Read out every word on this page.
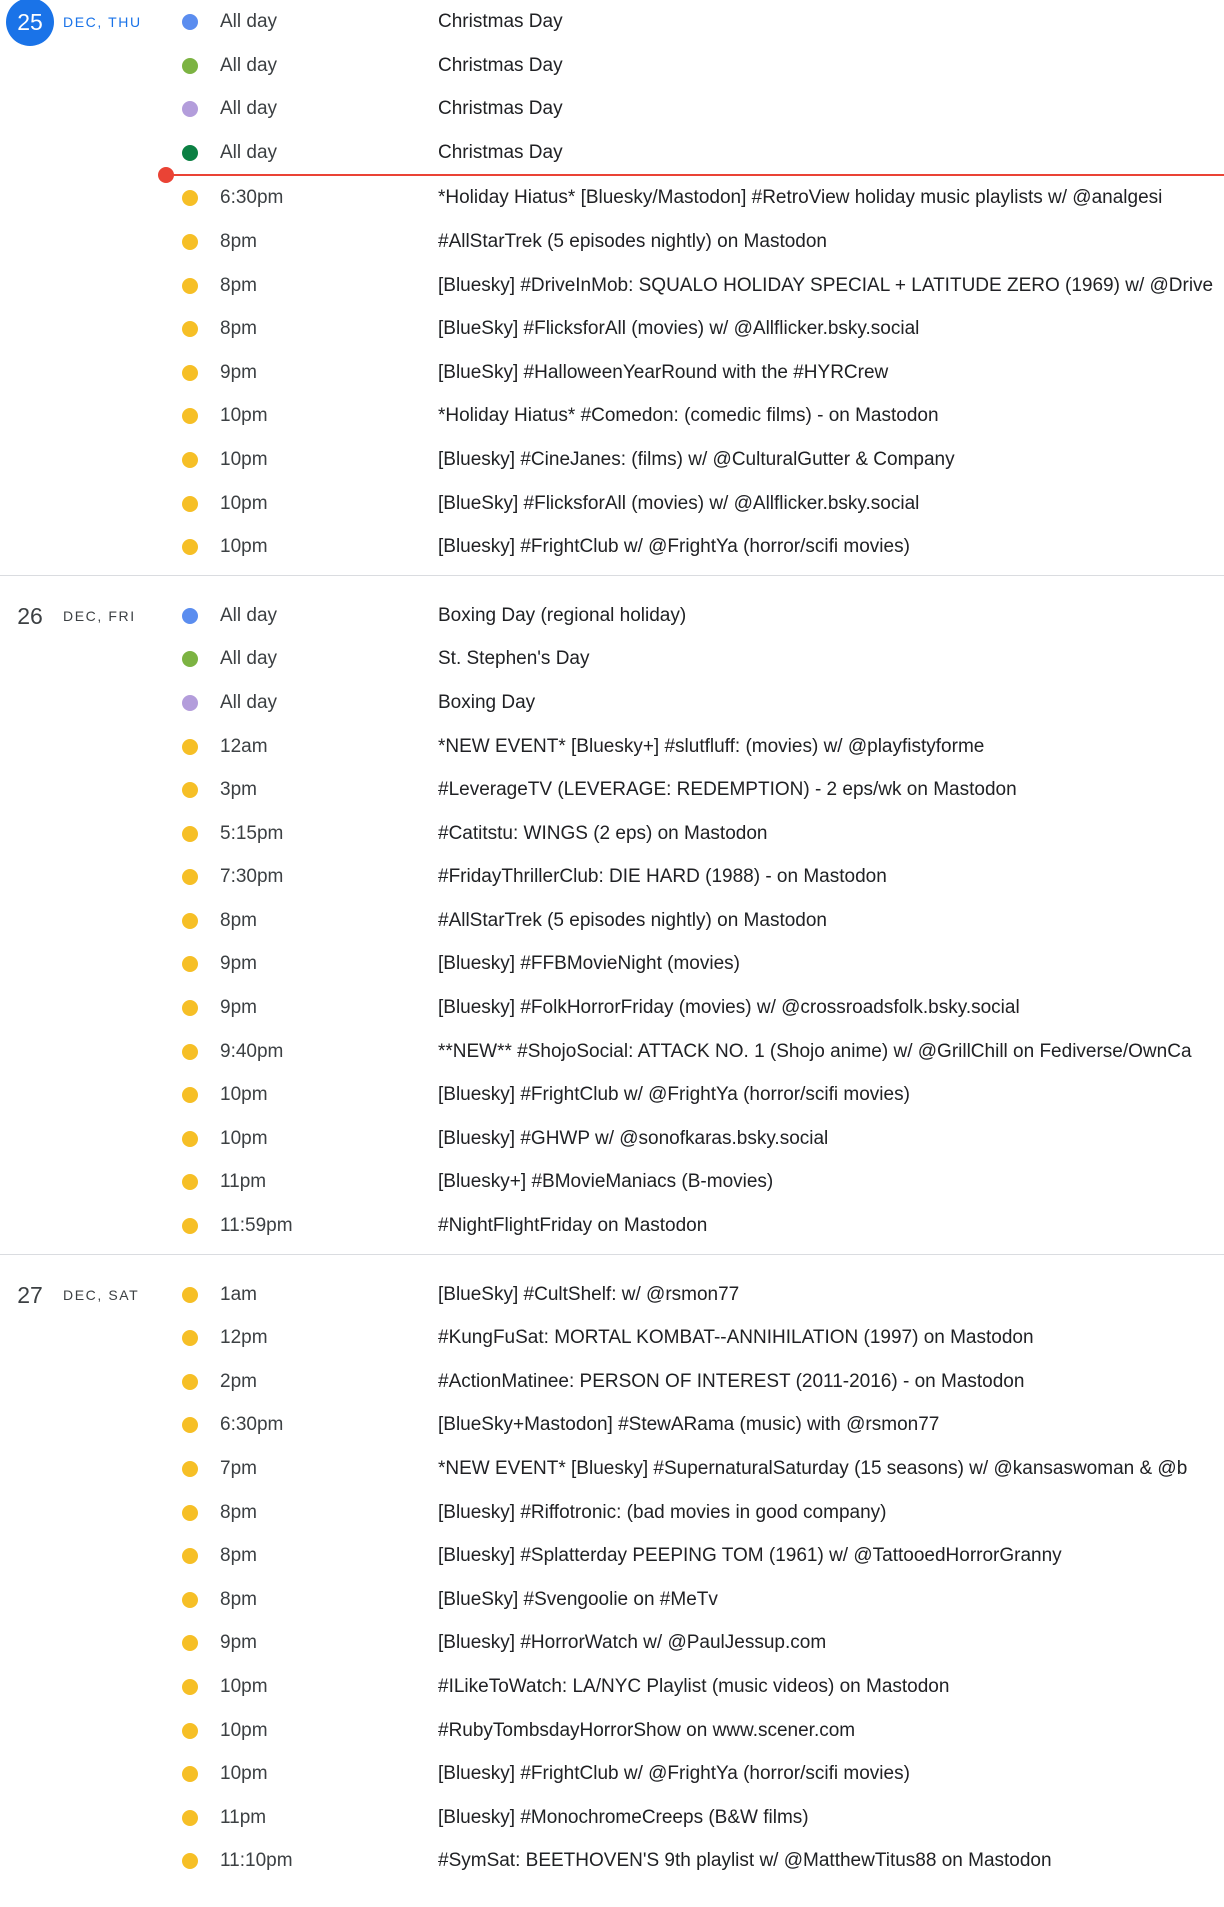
25	DEC, THU	All day	Christmas Day
All day	Christmas Day
All day	Christmas Day
All day	Christmas Day
6:30pm	*Holiday Hiatus* [Bluesky/Mastodon] #RetroView holiday music playlists w/ @analgesi
8pm	#AllStarTrek (5 episodes nightly) on Mastodon
8pm	[Bluesky] #DriveInMob: SQUALO HOLIDAY SPECIAL + LATITUDE ZERO (1969) w/ @Drive
8pm	[BlueSky] #FlicksforAll (movies) w/ @Allflicker.bsky.social
9pm	[BlueSky] #HalloweenYearRound with the #HYRCrew
10pm	*Holiday Hiatus* #Comedon: (comedic films) - on Mastodon
10pm	[Bluesky] #CineJanes: (films) w/ @CulturalGutter & Company
10pm	[BlueSky] #FlicksforAll (movies) w/ @Allflicker.bsky.social
10pm	[Bluesky] #FrightClub w/ @FrightYa (horror/scifi movies)
26	DEC, FRI	All day	Boxing Day (regional holiday)
All day	St. Stephen's Day
All day	Boxing Day
12am	*NEW EVENT* [Bluesky+] #slutfluff: (movies) w/ @playfistyforme
3pm	#LeverageTV (LEVERAGE: REDEMPTION) - 2 eps/wk on Mastodon
5:15pm	#Catitstu: WINGS (2 eps) on Mastodon
7:30pm	#FridayThrillerClub: DIE HARD (1988) - on Mastodon
8pm	#AllStarTrek (5 episodes nightly) on Mastodon
9pm	[Bluesky] #FFBMovieNight (movies)
9pm	[Bluesky] #FolkHorrorFriday (movies) w/ @crossroadsfolk.bsky.social
9:40pm	**NEW** #ShojoSocial: ATTACK NO. 1 (Shojo anime) w/ @GrillChill on Fediverse/OwnCa
10pm	[Bluesky] #FrightClub w/ @FrightYa (horror/scifi movies)
10pm	[Bluesky] #GHWP w/ @sonofkaras.bsky.social
11pm	[Bluesky+] #BMovieManiacs (B-movies)
11:59pm	#NightFlightFriday on Mastodon
27	DEC, SAT	1am	[BlueSky] #CultShelf: w/ @rsmon77
12pm	#KungFuSat: MORTAL KOMBAT--ANNIHILATION (1997) on Mastodon
2pm	#ActionMatinee: PERSON OF INTEREST (2011-2016) - on Mastodon
6:30pm	[BlueSky+Mastodon] #StewARama (music) with @rsmon77
7pm	*NEW EVENT* [Bluesky] #SupernaturalSaturday (15 seasons) w/ @kansaswoman & @b
8pm	[Bluesky] #Riffotronic: (bad movies in good company)
8pm	[Bluesky] #Splatterday PEEPING TOM (1961) w/ @TattooedHorrorGranny
8pm	[BlueSky] #Svengoolie on #MeTv
9pm	[Bluesky] #HorrorWatch w/ @PaulJessup.com
10pm	#ILikeToWatch: LA/NYC Playlist (music videos) on Mastodon
10pm	#RubyTombsdayHorrorShow on www.scener.com
10pm	[Bluesky] #FrightClub w/ @FrightYa (horror/scifi movies)
11pm	[Bluesky] #MonochromeCreeps (B&W films)
11:10pm	#SymSat: BEETHOVEN'S 9th playlist w/ @MatthewTitus88 on Mastodon
